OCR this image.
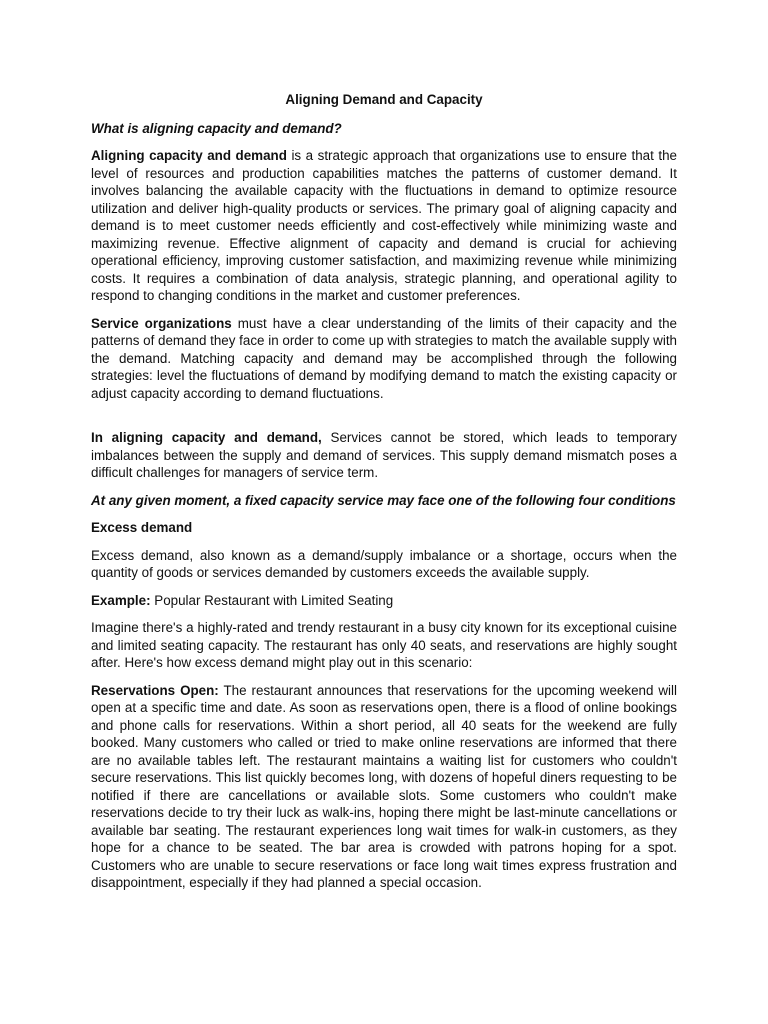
Aligning Demand and Capacity

What is aligning capacity and demand?

Aligning capacity and demand is a strategic approach that organizations use to ensure that the level of resources and production capabilities matches the patterns of customer demand. It involves balancing the available capacity with the fluctuations in demand to optimize resource utilization and deliver high-quality products or services. The primary goal of aligning capacity and demand is to meet customer needs efficiently and cost-effectively while minimizing waste and maximizing revenue. Effective alignment of capacity and demand is crucial for achieving operational efficiency, improving customer satisfaction, and maximizing revenue while minimizing costs. It requires a combination of data analysis, strategic planning, and operational agility to respond to changing conditions in the market and customer preferences.

Service organizations must have a clear understanding of the limits of their capacity and the patterns of demand they face in order to come up with strategies to match the available supply with the demand. Matching capacity and demand may be accomplished through the following strategies: level the fluctuations of demand by modifying demand to match the existing capacity or adjust capacity according to demand fluctuations.

In aligning capacity and demand, Services cannot be stored, which leads to temporary imbalances between the supply and demand of services. This supply demand mismatch poses a difficult challenges for managers of service term.

At any given moment, a fixed capacity service may face one of the following four conditions

Excess demand

Excess demand, also known as a demand/supply imbalance or a shortage, occurs when the quantity of goods or services demanded by customers exceeds the available supply.

Example: Popular Restaurant with Limited Seating

Imagine there's a highly-rated and trendy restaurant in a busy city known for its exceptional cuisine and limited seating capacity. The restaurant has only 40 seats, and reservations are highly sought after. Here's how excess demand might play out in this scenario:

Reservations Open: The restaurant announces that reservations for the upcoming weekend will open at a specific time and date. As soon as reservations open, there is a flood of online bookings and phone calls for reservations. Within a short period, all 40 seats for the weekend are fully booked. Many customers who called or tried to make online reservations are informed that there are no available tables left. The restaurant maintains a waiting list for customers who couldn't secure reservations. This list quickly becomes long, with dozens of hopeful diners requesting to be notified if there are cancellations or available slots. Some customers who couldn't make reservations decide to try their luck as walk-ins, hoping there might be last-minute cancellations or available bar seating. The restaurant experiences long wait times for walk-in customers, as they hope for a chance to be seated. The bar area is crowded with patrons hoping for a spot. Customers who are unable to secure reservations or face long wait times express frustration and disappointment, especially if they had planned a special occasion.
